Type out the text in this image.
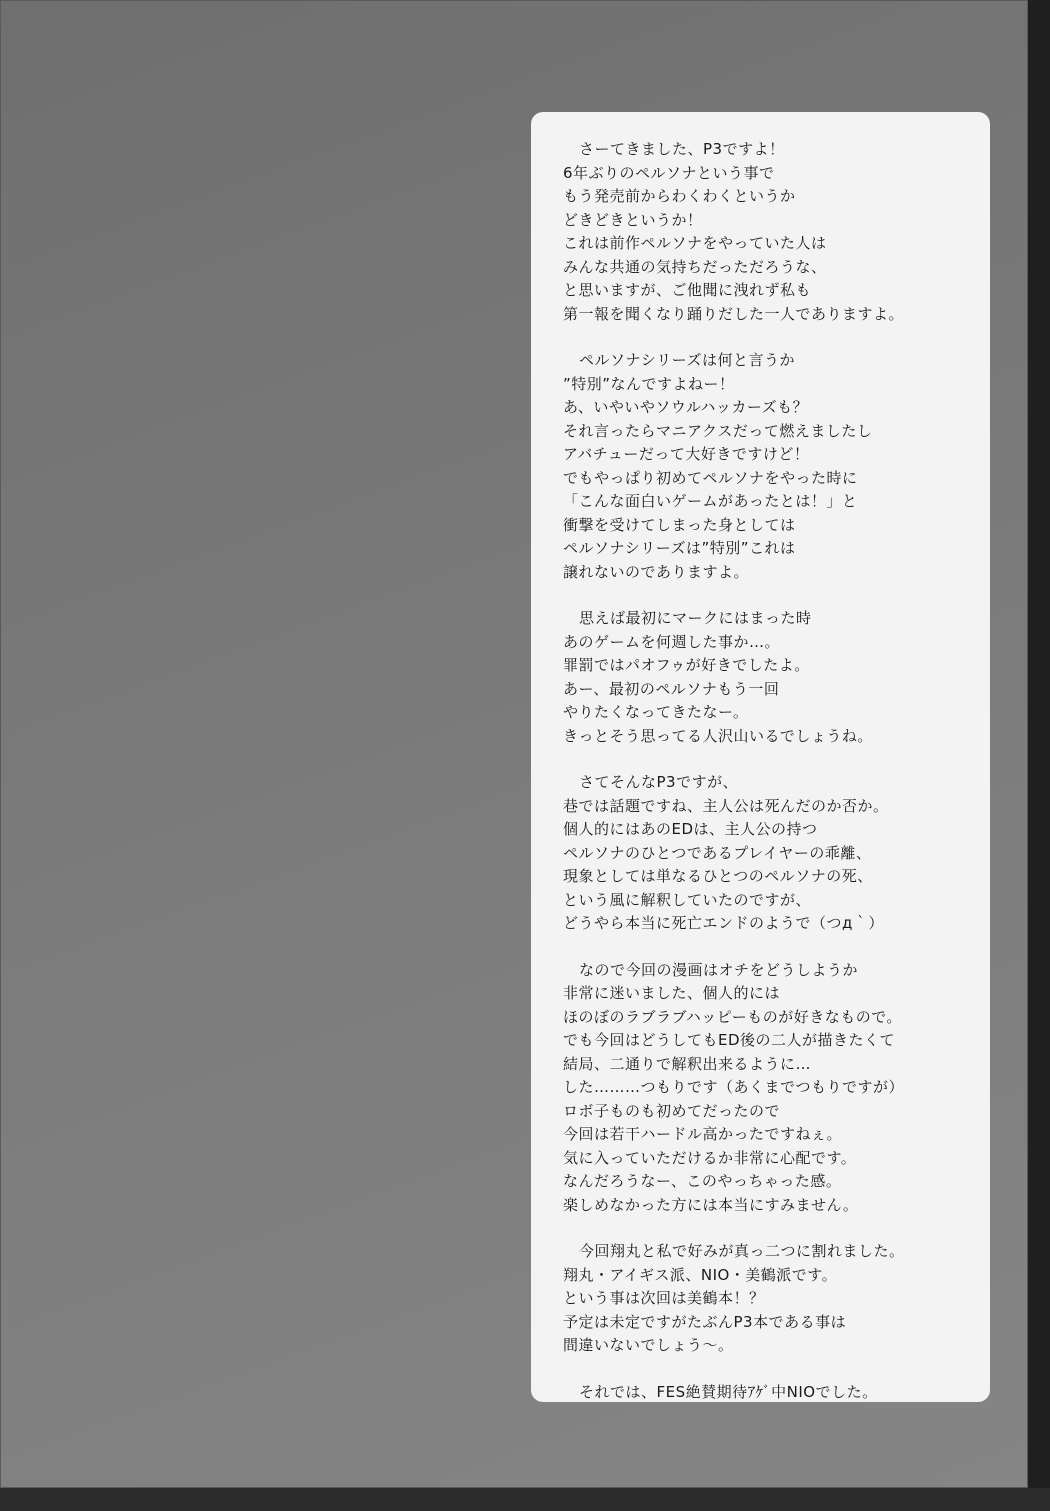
さーてきました、P3ですよ！
6年ぶりのペルソナという事で
もう発売前からわくわくというか
どきどきというか！
これは前作ペルソナをやっていた人は
みんな共通の気持ちだっただろうな、
と思いますが、ご他聞に洩れず私も
第一報を聞くなり踊りだした一人でありますよ。
ペルソナシリーズは何と言うか
”特別”なんですよねー！
あ、いやいやソウルハッカーズも？
それ言ったらマニアクスだって燃えましたし
アバチューだって大好きですけど！
でもやっぱり初めてペルソナをやった時に
「こんな面白いゲームがあったとは！」と
衝撃を受けてしまった身としては
ペルソナシリーズは”特別”これは
譲れないのでありますよ。
思えば最初にマークにはまった時
あのゲームを何週した事か…。
罪罰ではパオフゥが好きでしたよ。
あー、最初のペルソナもう一回
やりたくなってきたなー。
きっとそう思ってる人沢山いるでしょうね。
さてそんなP3ですが、
巷では話題ですね、主人公は死んだのか否か。
個人的にはあのEDは、主人公の持つ
ペルソナのひとつであるプレイヤーの乖離、
現象としては単なるひとつのペルソナの死、
という風に解釈していたのですが、
どうやら本当に死亡エンドのようで（つд｀）
なので今回の漫画はオチをどうしようか
非常に迷いました、個人的には
ほのぼのラブラブハッピーものが好きなもので。
でも今回はどうしてもED後の二人が描きたくて
結局、二通りで解釈出来るように…
した………つもりです（あくまでつもりですが）
ロボ子ものも初めてだったので
今回は若干ハードル高かったですねぇ。
気に入っていただけるか非常に心配です。
なんだろうなー、このやっちゃった感。
楽しめなかった方には本当にすみません。
今回翔丸と私で好みが真っ二つに割れました。
翔丸・アイギス派、NIO・美鶴派です。
という事は次回は美鶴本！？
予定は未定ですがたぶんP3本である事は
間違いないでしょう～。
それでは、FES絶賛期待ｱｹﾞ中NIOでした。
